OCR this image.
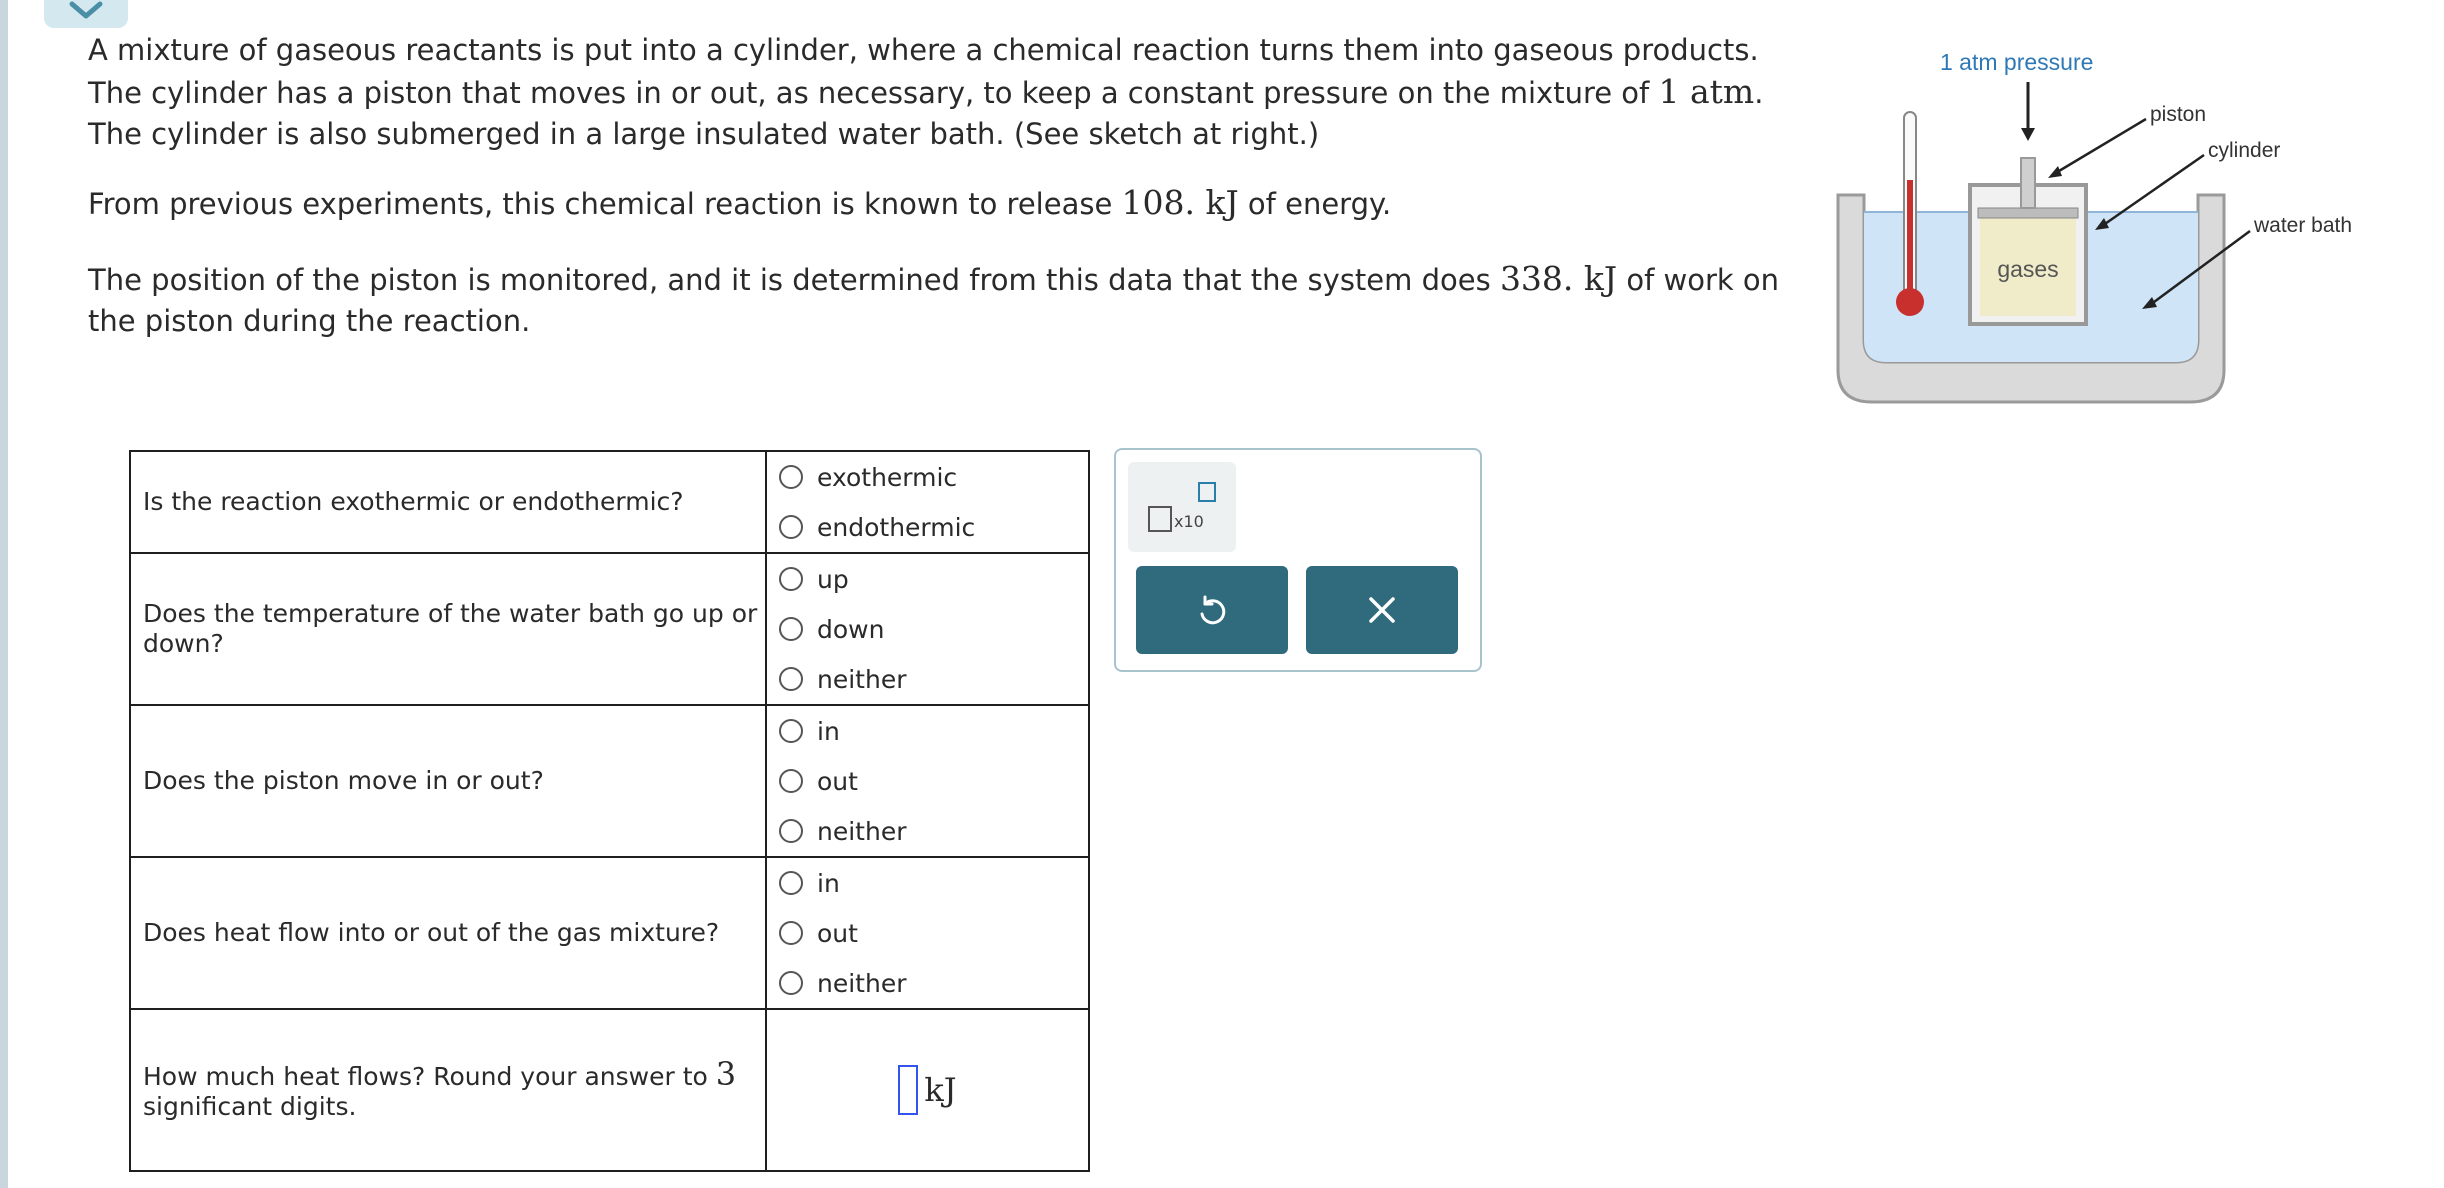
A mixture of gaseous reactants is put into a cylinder, where a chemical reaction turns them into gaseous products. The cylinder has a piston that moves in or out, as necessary, to keep a constant pressure on the mixture of 1 atm. The cylinder is also submerged in a large insulated water bath. (See sketch at right.)

From previous experiments, this chemical reaction is known to release 108. kJ of energy.

The position of the piston is monitored, and it is determined from this data that the system does 338. kJ of work on the piston during the reaction.

1 atm pressure
piston
cylinder
water bath
gases
Is the reaction exothermic or endothermic?	exothermic
endothermic

Does the temperature of the water bath go up or down?	up
down
neither

Does the piston move in or out?	in
out
neither

Does heat flow into or out of the gas mixture?	in
out
neither

How much heat flows? Round your answer to 3 significant digits.	kJ
x10
